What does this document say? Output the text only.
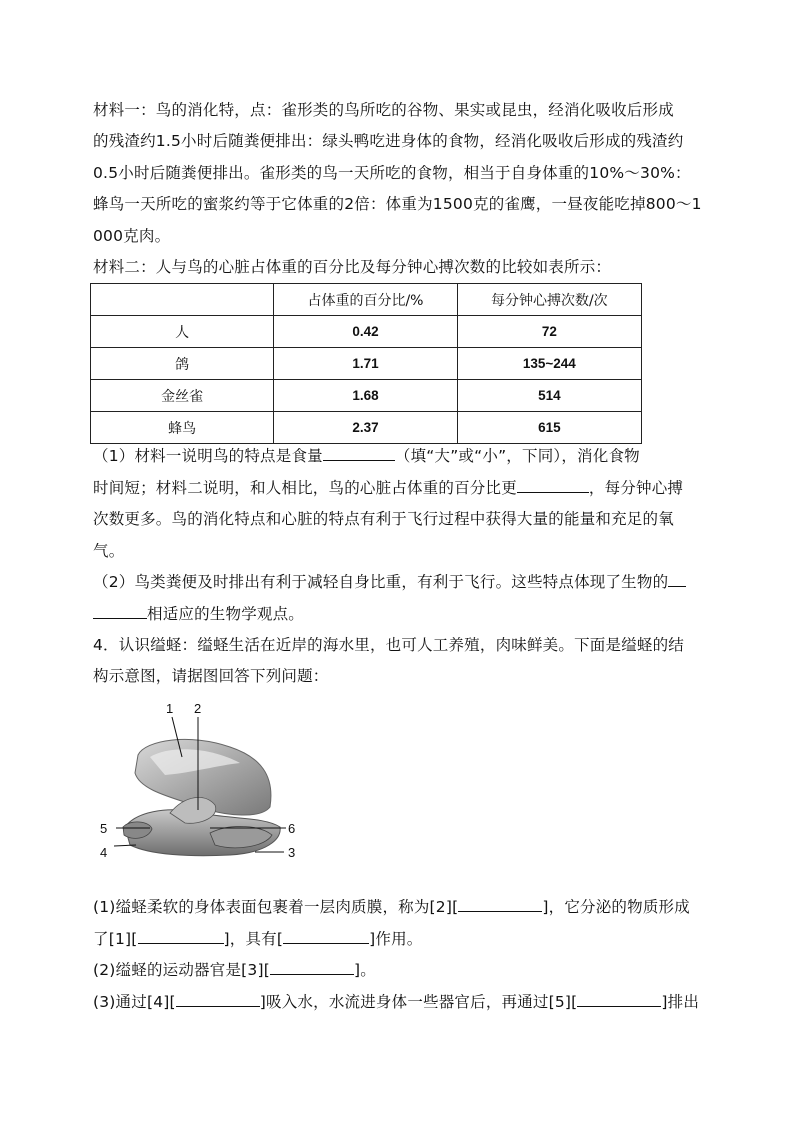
材料一：鸟的消化特，点：雀形类的鸟所吃的谷物、果实或昆虫，经消化吸收后形成
的残渣约1.5小时后随粪便排出：绿头鸭吃进身体的食物，经消化吸收后形成的残渣约
0.5小时后随粪便排出。雀形类的鸟一天所吃的食物，相当于自身体重的10%～30%：
蜂鸟一天所吃的蜜浆约等于它体重的2倍：体重为1500克的雀鹰，一昼夜能吃掉800～1
000克肉。
材料二：人与鸟的心脏占体重的百分比及每分钟心搏次数的比较如表所示：
	占体重的百分比/%	每分钟心搏次数/次
人	0.42	72
鸽	1.71	135~244
金丝雀	1.68	514
蜂鸟	2.37	615
（1）材料一说明鸟的特点是食量	（填“大”或“小”，下同），消化食物
时间短；材料二说明，和人相比，鸟的心脏占体重的百分比更	，每分钟心搏
次数更多。鸟的消化特点和心脏的特点有利于飞行过程中获得大量的能量和充足的氧
气。
（2）鸟类粪便及时排出有利于减轻自身比重，有利于飞行。这些特点体现了生物的
相适应的生物学观点。
4．认识缢蛏：缢蛏生活在近岸的海水里，也可人工养殖，肉味鲜美。下面是缢蛏的结
构示意图，请据图回答下列问题：
1 2
5	6
4	3
(1)缢蛏柔软的身体表面包裹着一层肉质膜，称为[2][	]，它分泌的物质形成
了[1][	]，具有[	]作用。
(2)缢蛏的运动器官是[3][	]。
(3)通过[4][	]吸入水，水流进身体一些器官后，再通过[5][	]排出
